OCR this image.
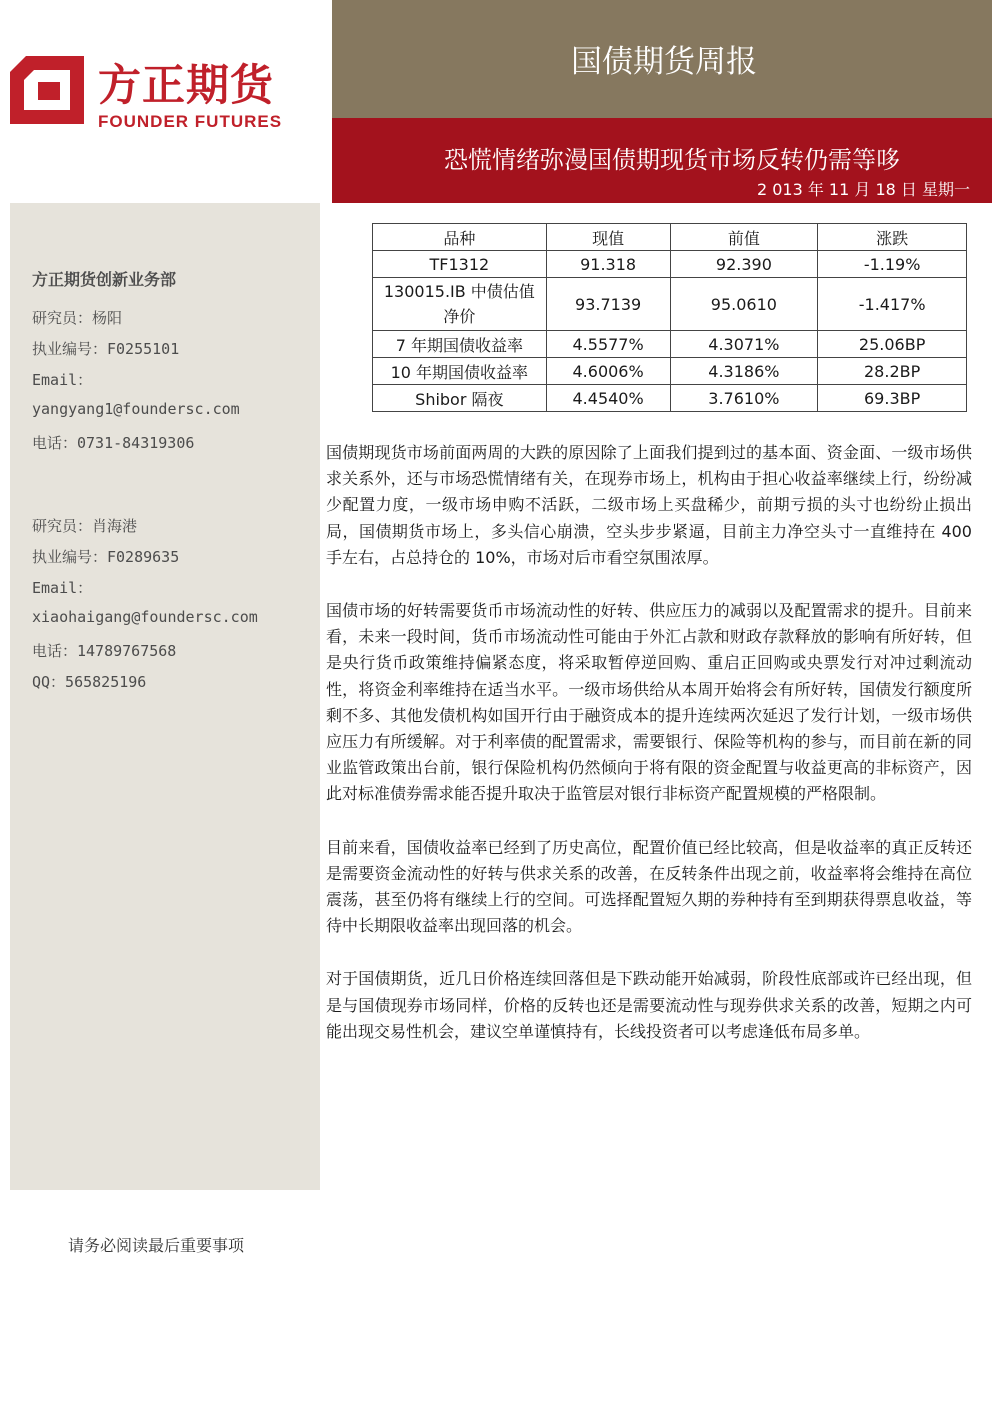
方正期货
FOUNDER FUTURES
国债期货周报
恐慌情绪弥漫国债期现货市场反转仍需等哆
2 013 年 11 月 18 日 星期一
方正期货创新业务部
研究员：杨阳
执业编号：F0255101
Email：
yangyang1@foundersc.com
电话：0731-84319306
研究员：肖海港
执业编号：F0289635
Email：
xiaohaigang@foundersc.com
电话：14789767568
QQ：565825196
品种	现值	前值	涨跌
TF1312	91.318	92.390	-1.19%
130015.IB 中债估值净价	93.7139	95.0610	-1.417%
7 年期国债收益率	4.5577%	4.3071%	25.06BP
10 年期国债收益率	4.6006%	4.3186%	28.2BP
Shibor 隔夜	4.4540%	3.7610%	69.3BP

国债期现货市场前面两周的大跌的原因除了上面我们提到过的基本面、资金面、一级市场供求关系外，还与市场恐慌情绪有关，在现券市场上，机构由于担心收益率继续上行，纷纷减少配置力度，一级市场申购不活跃，二级市场上买盘稀少，前期亏损的头寸也纷纷止损出局，国债期货市场上，多头信心崩溃，空头步步紧逼，目前主力净空头寸一直维持在 400 手左右，占总持仓的 10%，市场对后市看空氛围浓厚。

国债市场的好转需要货币市场流动性的好转、供应压力的减弱以及配置需求的提升。目前来看，未来一段时间，货币市场流动性可能由于外汇占款和财政存款释放的影响有所好转，但是央行货币政策维持偏紧态度，将采取暂停逆回购、重启正回购或央票发行对冲过剩流动性，将资金利率维持在适当水平。一级市场供给从本周开始将会有所好转，国债发行额度所剩不多、其他发债机构如国开行由于融资成本的提升连续两次延迟了发行计划，一级市场供应压力有所缓解。对于利率债的配置需求，需要银行、保险等机构的参与，而目前在新的同业监管政策出台前，银行保险机构仍然倾向于将有限的资金配置与收益更高的非标资产，因此对标准债券需求能否提升取决于监管层对银行非标资产配置规模的严格限制。

目前来看，国债收益率已经到了历史高位，配置价值已经比较高，但是收益率的真正反转还是需要资金流动性的好转与供求关系的改善，在反转条件出现之前，收益率将会维持在高位震荡，甚至仍将有继续上行的空间。可选择配置短久期的券种持有至到期获得票息收益，等待中长期限收益率出现回落的机会。

对于国债期货，近几日价格连续回落但是下跌动能开始减弱，阶段性底部或许已经出现，但是与国债现券市场同样，价格的反转也还是需要流动性与现券供求关系的改善，短期之内可能出现交易性机会，建议空单谨慎持有，长线投资者可以考虑逢低布局多单。

请务必阅读最后重要事项
